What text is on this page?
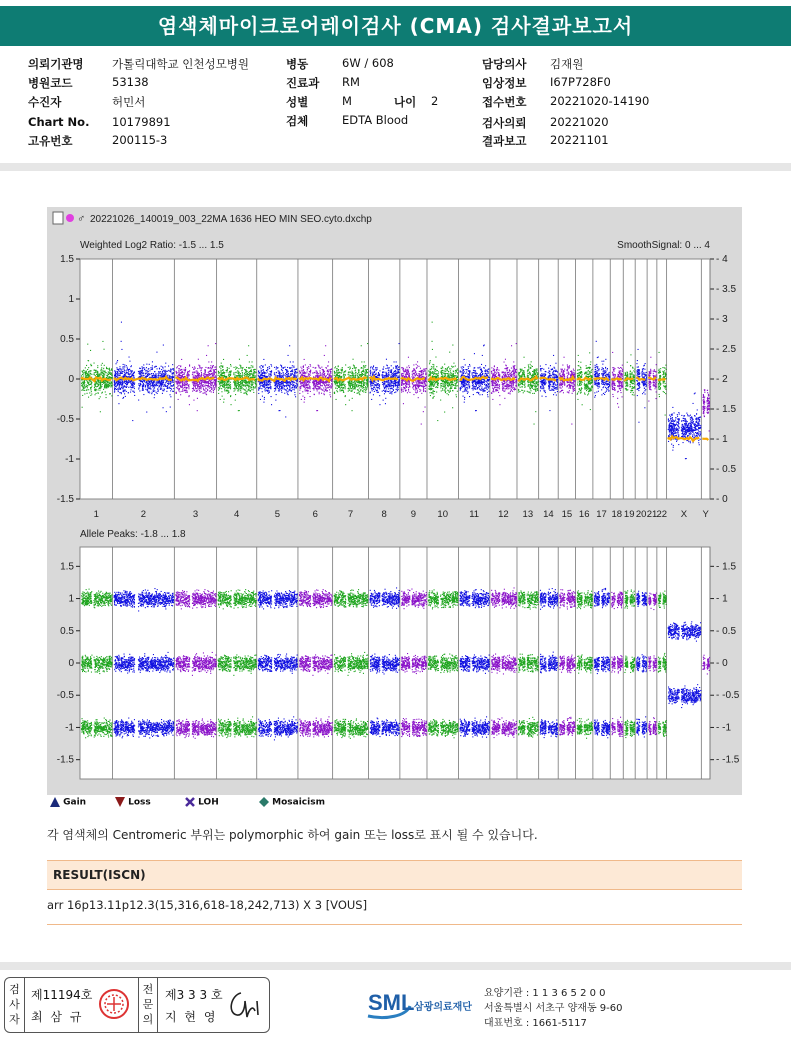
염색체마이크로어레이검사 (CMA) 검사결과보고서
의뢰기관명 가톨릭대학교 인천성모병원
병원코드	53138
수진자	허민서
Chart No. 10179891
고유번호	200115-3
병동	6W / 608
진료과 RM
성별	M	나이 2
검체	EDTA Blood
담당의사 김재원
임상정보 I67P728F0
접수번호 20221020-14190
검사의뢰 20221020
결과보고 20221101
♂ 20221026_140019_003_22MA 1636 HEO MIN SEO.cyto.dxchp
Weighted Log2 Ratio: -1.5 ... 1.5	SmoothSignal: 0 ... 4
Allele Peaks: -1.8 ... 1.8
1.5
1
0.5
0
-0.5
-1
-1.5
- 4
- 3.5
- 3
- 2.5
- 2
- 1.5
- 1
- 0.5
- 0
1.5
1
0.5
0
-0.5
-1
-1.5
- 1.5
- 1
- 0.5
- 0
- -0.5
- -1
- -1.5
1	2	3	4	5	6	7	8	9 10 11 12 13 14 15 16 17 18 19 20 21 22 X Y
Gain	Loss	LOH	Mosaicism
각 염색체의 Centromeric 부위는 polymorphic 하여 gain 또는 loss로 표시 될 수 있습니다.
RESULT(ISCN)
arr 16p13.11p12.3(15,316,618-18,242,713) X 3 [VOUS]
검사자
제11194호
최 삼 규
전문의
제3 3 3 호
지 현 영
SML 삼광의료재단
요양기관 : 1 1 3 6 5 2 0 0
서울특별시 서초구 양재동 9-60
대표번호 : 1661-5117
